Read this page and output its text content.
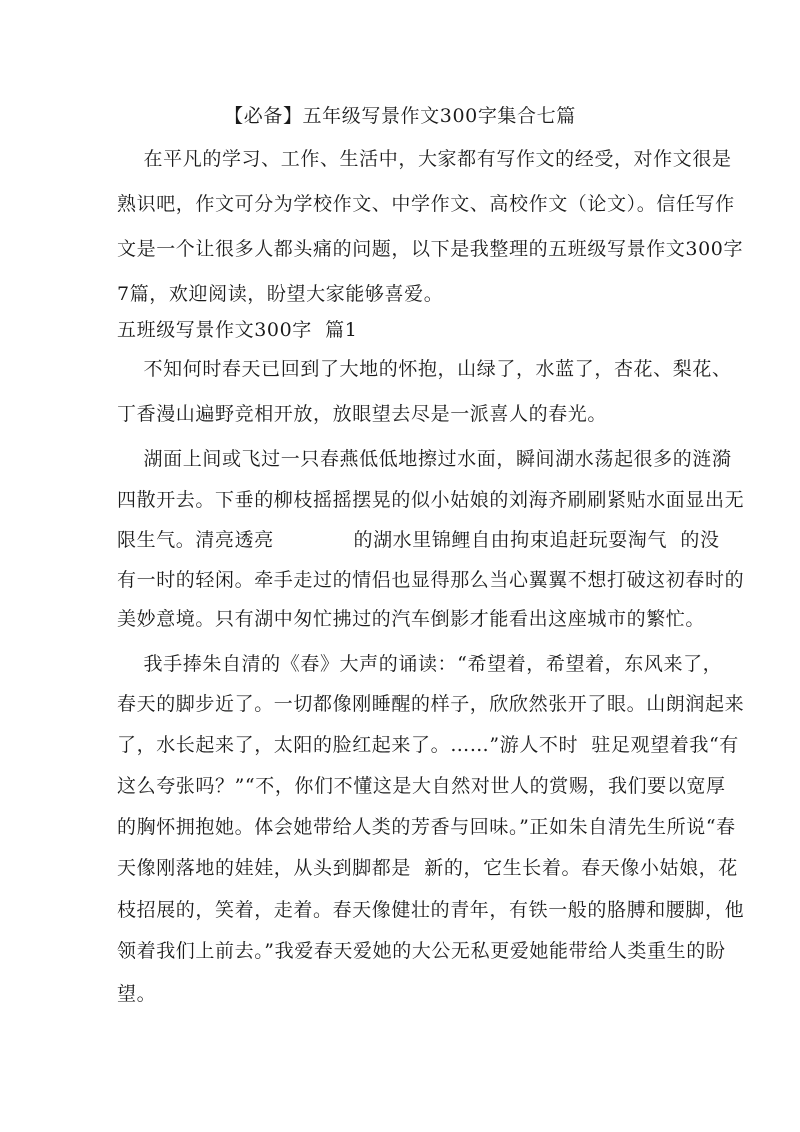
【必备】五年级写景作文300字集合七篇
在平凡的学习、工作、生活中，大家都有写作文的经受，对作文很是
熟识吧，作文可分为学校作文、中学作文、高校作文（论文）。信任写作
文是一个让很多人都头痛的问题，以下是我整理的五班级写景作文300字
7篇，欢迎阅读，盼望大家能够喜爱。
五班级写景作文300字  篇1
不知何时春天已回到了大地的怀抱，山绿了，水蓝了，杏花、梨花、
丁香漫山遍野竞相开放，放眼望去尽是一派喜人的春光。
湖面上间或飞过一只春燕低低地擦过水面，瞬间湖水荡起很多的涟漪
四散开去。下垂的柳枝摇摇摆晃的似小姑娘的刘海齐刷刷紧贴水面显出无
限生气。清亮透亮            的湖水里锦鲤自由拘束追赶玩耍淘气  的没
有一时的轻闲。牵手走过的情侣也显得那么当心翼翼不想打破这初春时的
美妙意境。只有湖中匆忙拂过的汽车倒影才能看出这座城市的繁忙。
我手捧朱自清的《春》大声的诵读：“希望着，希望着，东风来了，
春天的脚步近了。一切都像刚睡醒的样子，欣欣然张开了眼。山朗润起来
了，水长起来了，太阳的脸红起来了。……”游人不时  驻足观望着我“有
这么夸张吗？”“不，你们不懂这是大自然对世人的赏赐，我们要以宽厚
的胸怀拥抱她。体会她带给人类的芳香与回味。”正如朱自清先生所说“春
天像刚落地的娃娃，从头到脚都是  新的，它生长着。春天像小姑娘，花
枝招展的，笑着，走着。春天像健壮的青年，有铁一般的胳膊和腰脚，他
领着我们上前去。”我爱春天爱她的大公无私更爱她能带给人类重生的盼
望。
